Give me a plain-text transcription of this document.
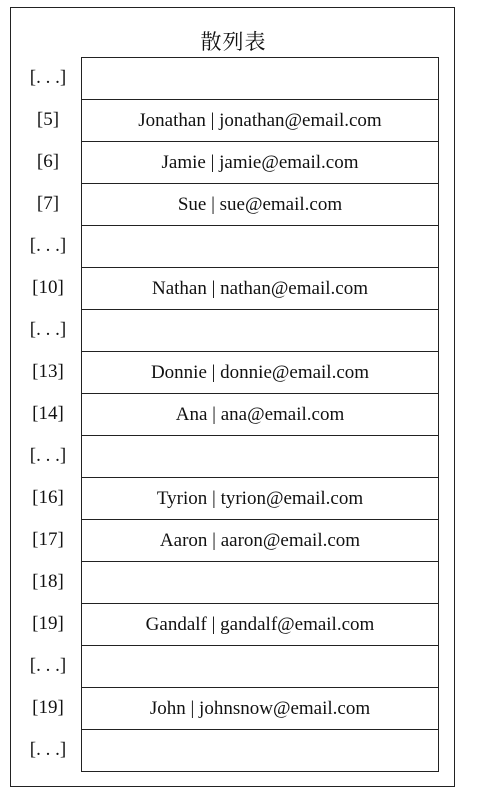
散列表
[. . .]
[5]	Jonathan | jonathan@email.com
[6]	Jamie | jamie@email.com
[7]	Sue | sue@email.com
[. . .]
[10]	Nathan | nathan@email.com
[. . .]
[13]	Donnie | donnie@email.com
[14]	Ana | ana@email.com
[. . .]
[16]	Tyrion | tyrion@email.com
[17]	Aaron | aaron@email.com
[18]
[19]	Gandalf | gandalf@email.com
[. . .]
[19]	John | johnsnow@email.com
[. . .]
